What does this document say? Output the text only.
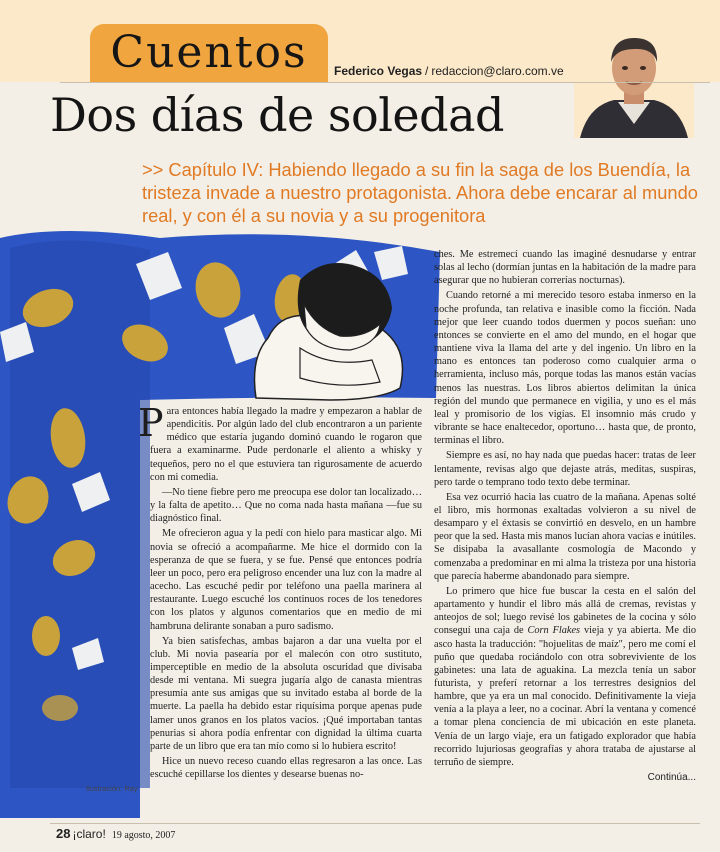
Cuentos	Federico Vegas / redaccion@claro.com.ve
Dos días de soledad
>> Capítulo IV: Habiendo llegado a su fin la saga de los Buendía, la tristeza invade a nuestro protagonista. Ahora debe encarar al mundo real, y con él a su novia y a su progenitora
Ilustración: Ray

Para entonces había llegado la madre y empezaron a hablar de apendicitis. Por algún lado del club encontraron a un pariente médico que estaría jugando dominó cuando le rogaron que fuera a examinarme. Pude perdonarle el aliento a whisky y tequeños, pero no el que estuviera tan rigurosamente de acuerdo con mi comedia.

—No tiene fiebre pero me preocupa ese dolor tan localizado… y la falta de apetito… Que no coma nada hasta mañana —fue su diagnóstico final.

Me ofrecieron agua y la pedí con hielo para masticar algo. Mi novia se ofreció a acompañarme. Me hice el dormido con la esperanza de que se fuera, y se fue. Pensé que entonces podría leer un poco, pero era peligroso encender una luz con la madre al acecho. Las escuché pedir por teléfono una paella marinera al restaurante. Luego escuché los continuos roces de los tenedores con los platos y algunos comentarios que en medio de mi hambruna delirante sonaban a puro sadismo.

Ya bien satisfechas, ambas bajaron a dar una vuelta por el club. Mi novia pasearía por el malecón con otro sustituto, imperceptible en medio de la absoluta oscuridad que divisaba desde mi ventana. Mi suegra jugaría algo de canasta mientras presumía ante sus amigas que su invitado estaba al borde de la muerte. La paella ha debido estar riquísima porque apenas pude lamer unos granos en los platos vacíos. ¡Qué importaban tantas penurias si ahora podía enfrentar con dignidad la última cuarta parte de un libro que era tan mío como si lo hubiera escrito!

Hice un nuevo receso cuando ellas regresaron a las once. Las escuché cepillarse los dientes y desearse buenas no-

ches. Me estremecí cuando las imaginé desnudarse y entrar solas al lecho (dormían juntas en la habitación de la madre para asegurar que no hubieran correrías nocturnas).

Cuando retorné a mi merecido tesoro estaba inmerso en la noche profunda, tan relativa e inasible como la ficción. Nada mejor que leer cuando todos duermen y pocos sueñan: uno entonces se convierte en el amo del mundo, en el hogar que mantiene viva la llama del arte y del ingenio. Un libro en la mano es entonces tan poderoso como cualquier arma o herramienta, incluso más, porque todas las manos están vacías menos las nuestras. Los libros abiertos delimitan la única región del mundo que permanece en vigilia, y uno es el más leal y promisorio de los vigías. El insomnio más crudo y vibrante se hace enaltecedor, oportuno… hasta que, de pronto, terminas el libro.

Siempre es así, no hay nada que puedas hacer: tratas de leer lentamente, revisas algo que dejaste atrás, meditas, suspiras, pero tarde o temprano todo texto debe terminar.

Esa vez ocurrió hacia las cuatro de la mañana. Apenas solté el libro, mis hormonas exaltadas volvieron a su nivel de desamparo y el éxtasis se convirtió en desvelo, en un hambre peor que la sed. Hasta mis manos lucían ahora vacías e inútiles. Se disipaba la avasallante cosmología de Macondo y comenzaba a predominar en mi alma la tristeza por una historia que parecía haberme abandonado para siempre.

Lo primero que hice fue buscar la cesta en el salón del apartamento y hundir el libro más allá de cremas, revistas y anteojos de sol; luego revisé los gabinetes de la cocina y sólo conseguí una caja de Corn Flakes vieja y ya abierta. Me dio asco hasta la traducción: "hojuelitas de maíz", pero me comí el puño que quedaba rociándolo con otra sobreviviente de los gabinetes: una lata de aguakina. La mezcla tenía un sabor futurista, y preferí retornar a los terrestres designios del hambre, que ya era un mal conocido. Definitivamente la vieja venía a la playa a leer, no a cocinar. Abrí la ventana y comencé a tomar plena conciencia de mi ubicación en este planeta. Venía de un largo viaje, era un fatigado explorador que había recorrido lujuriosas geografías y ahora trataba de ajustarse al terruño de siempre.

Continúa...

28 ¡claro! 19 agosto, 2007
